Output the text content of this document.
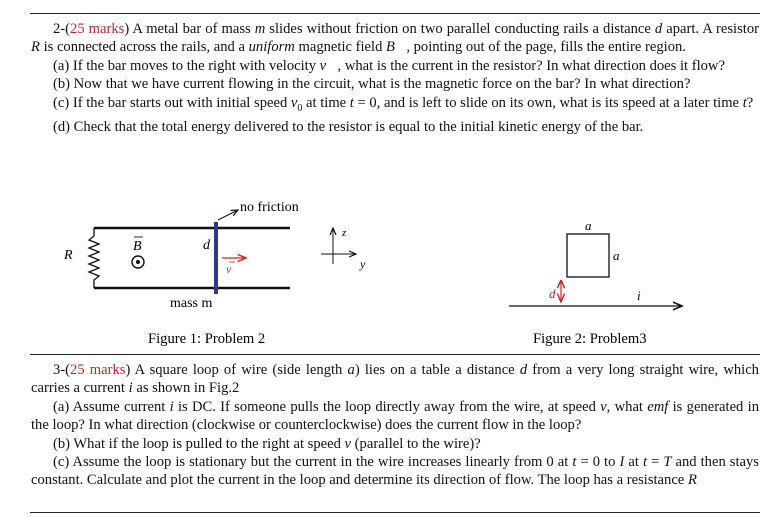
2-(25 marks) A metal bar of mass m slides without friction on two parallel conducting rails a distance d apart. A resistor R is connected across the rails, and a uniform magnetic field B⃗, pointing out of the page, fills the entire region.

(a) If the bar moves to the right with velocity v⃗, what is the current in the resistor? In what direction does it flow?

(b) Now that we have current flowing in the circuit, what is the magnetic force on the bar? In what direction?

(c) If the bar starts out with initial speed $v_0$ at time t = 0, and is left to slide on its own, what is its speed at a later time t?

(d) Check that the total energy delivered to the resistor is equal to the initial kinetic energy of the bar.

R
B	d
v
no friction
mass m
Figure 1: Problem 2
z
y
a
a
d	i
Figure 2: Problem3

3-(25 marks) A square loop of wire (side length a) lies on a table a distance d from a very long straight wire, which carries a current i as shown in Fig.2

(a) Assume current i is DC. If someone pulls the loop directly away from the wire, at speed v, what emf is generated in the loop? In what direction (clockwise or counterclockwise) does the current flow in the loop?

(b) What if the loop is pulled to the right at speed v (parallel to the wire)?

(c) Assume the loop is stationary but the current in the wire increases linearly from 0 at t = 0 to I at t = T and then stays constant. Calculate and plot the current in the loop and determine its direction of flow. The loop has a resistance R
